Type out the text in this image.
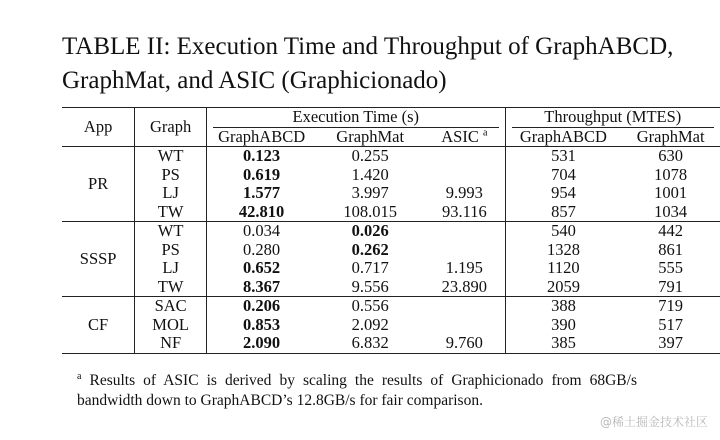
TABLE II: Execution Time and Throughput of GraphABCD, GraphMat, and ASIC (Graphicionado)
App	Graph	Execution Time (s)			Throughput (MTES)	

		GraphABCD	GraphMat	ASIC $^a$	GraphABCD	GraphMat
PR	WT	0.123	0.255		531	630
	PS	0.619	1.420		704	1078
	LJ	1.577	3.997	9.993	954	1001
	TW	42.810	108.015	93.116	857	1034
SSSP	WT	0.034	0.026		540	442
	PS	0.280	0.262		1328	861
	LJ	0.652	0.717	1.195	1120	555
	TW	8.367	9.556	23.890	2059	791
CF	SAC	0.206	0.556		388	719
	MOL	0.853	2.092		390	517
	NF	2.090	6.832	9.760	385	397
$^a$ Results of ASIC is derived by scaling the results of Graphicionado from 68GB/s bandwidth down to GraphABCD’s 12.8GB/s for fair comparison.
@稀土掘金技术社区
